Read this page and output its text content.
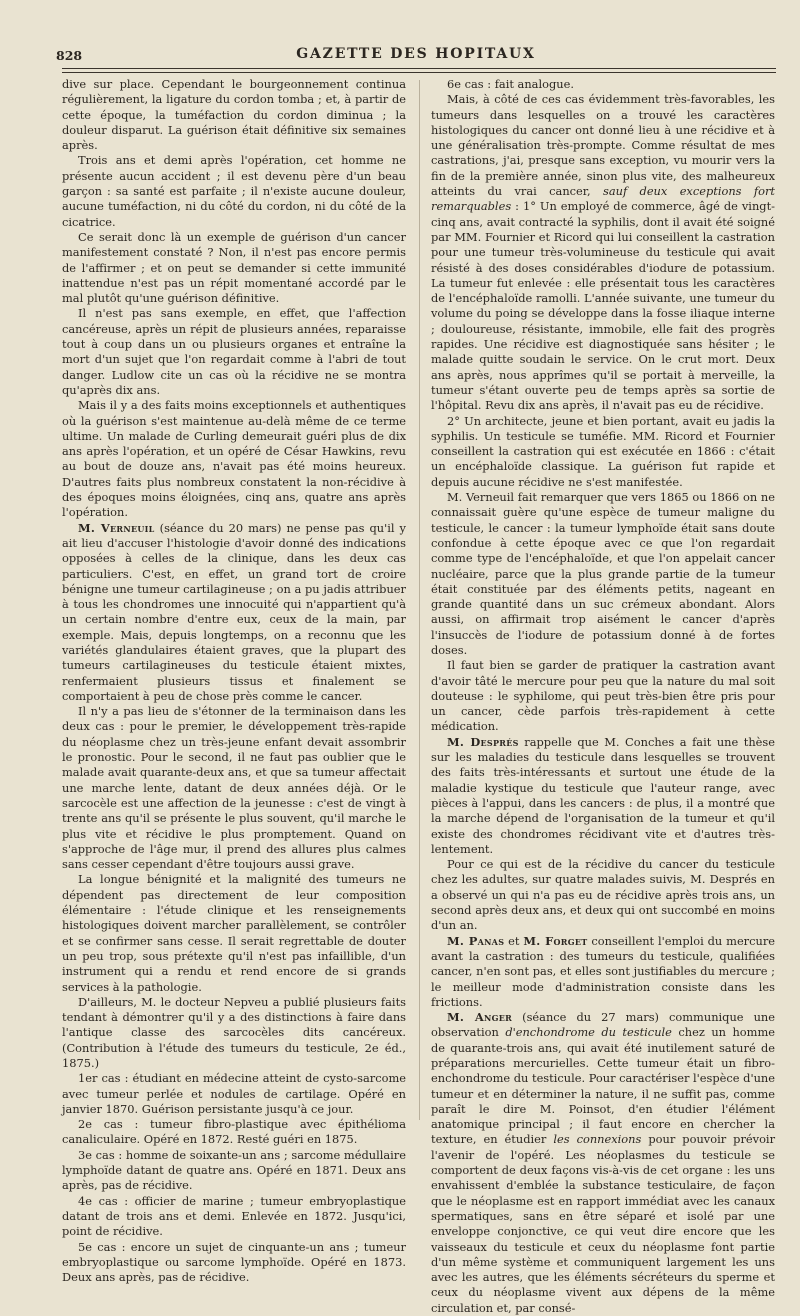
828	GAZETTE DES HOPITAUX

dive sur place. Cependant le bourgeonnement continua régulièrement, la ligature du cordon tomba ; et, à partir de cette époque, la tuméfaction du cordon diminua ; la douleur disparut. La guérison était définitive six semaines après.

Trois ans et demi après l'opération, cet homme ne présente aucun accident ; il est devenu père d'un beau garçon : sa santé est parfaite ; il n'existe aucune douleur, aucune tuméfaction, ni du côté du cordon, ni du côté de la cicatrice.

Ce serait donc là un exemple de guérison d'un cancer manifestement constaté ? Non, il n'est pas encore permis de l'affirmer ; et on peut se demander si cette immunité inattendue n'est pas un répit momentané accordé par le mal plutôt qu'une guérison définitive.

Il n'est pas sans exemple, en effet, que l'affection cancéreuse, après un répit de plusieurs années, reparaisse tout à coup dans un ou plusieurs organes et entraîne la mort d'un sujet que l'on regardait comme à l'abri de tout danger. Ludlow cite un cas où la récidive ne se montra qu'après dix ans.

Mais il y a des faits moins exceptionnels et authentiques où la guérison s'est maintenue au-delà même de ce terme ultime. Un malade de Curling demeurait guéri plus de dix ans après l'opération, et un opéré de César Hawkins, revu au bout de douze ans, n'avait pas été moins heureux. D'autres faits plus nombreux constatent la non-récidive à des époques moins éloignées, cinq ans, quatre ans après l'opération.

M. Verneuil (séance du 20 mars) ne pense pas qu'il y ait lieu d'accuser l'histologie d'avoir donné des indications opposées à celles de la clinique, dans les deux cas particuliers. C'est, en effet, un grand tort de croire bénigne une tumeur cartilagineuse ; on a pu jadis attribuer à tous les chondromes une innocuité qui n'appartient qu'à un certain nombre d'entre eux, ceux de la main, par exemple. Mais, depuis longtemps, on a reconnu que les variétés glandulaires étaient graves, que la plupart des tumeurs cartilagineuses du testicule étaient mixtes, renfermaient plusieurs tissus et finalement se comportaient à peu de chose près comme le cancer.

Il n'y a pas lieu de s'étonner de la terminaison dans les deux cas : pour le premier, le développement très-rapide du néoplasme chez un très-jeune enfant devait assombrir le pronostic. Pour le second, il ne faut pas oublier que le malade avait quarante-deux ans, et que sa tumeur affectait une marche lente, datant de deux années déjà. Or le sarcocèle est une affection de la jeunesse : c'est de vingt à trente ans qu'il se présente le plus souvent, qu'il marche le plus vite et récidive le plus promptement. Quand on s'approche de l'âge mur, il prend des allures plus calmes sans cesser cependant d'être toujours aussi grave.

La longue bénignité et la malignité des tumeurs ne dépendent pas directement de leur composition élémentaire : l'étude clinique et les renseignements histologiques doivent marcher parallèlement, se contrôler et se confirmer sans cesse. Il serait regrettable de douter un peu trop, sous prétexte qu'il n'est pas infaillible, d'un instrument qui a rendu et rend encore de si grands services à la pathologie.

D'ailleurs, M. le docteur Nepveu a publié plusieurs faits tendant à démontrer qu'il y a des distinctions à faire dans l'antique classe des sarcocèles dits cancéreux. (Contribution à l'étude des tumeurs du testicule, 2e éd., 1875.)

1er cas : étudiant en médecine atteint de cysto-sarcome avec tumeur perlée et nodules de cartilage. Opéré en janvier 1870. Guérison persistante jusqu'à ce jour.

2e cas : tumeur fibro-plastique avec épithélioma canaliculaire. Opéré en 1872. Resté guéri en 1875.

3e cas : homme de soixante-un ans ; sarcome médullaire lymphoïde datant de quatre ans. Opéré en 1871. Deux ans après, pas de récidive.

4e cas : officier de marine ; tumeur embryoplastique datant de trois ans et demi. Enlevée en 1872. Jusqu'ici, point de récidive.

5e cas : encore un sujet de cinquante-un ans ; tumeur embryoplastique ou sarcome lymphoïde. Opéré en 1873. Deux ans après, pas de récidive.

6e cas : fait analogue.

Mais, à côté de ces cas évidemment très-favorables, les tumeurs dans lesquelles on a trouvé les caractères histologiques du cancer ont donné lieu à une récidive et à une généralisation très-prompte. Comme résultat de mes castrations, j'ai, presque sans exception, vu mourir vers la fin de la première année, sinon plus vite, des malheureux atteints du vrai cancer, sauf deux exceptions fort remarquables : 1° Un employé de commerce, âgé de vingt-cinq ans, avait contracté la syphilis, dont il avait été soigné par MM. Fournier et Ricord qui lui conseillent la castration pour une tumeur très-volumineuse du testicule qui avait résisté à des doses considérables d'iodure de potassium. La tumeur fut enlevée : elle présentait tous les caractères de l'encéphaloïde ramolli. L'année suivante, une tumeur du volume du poing se développe dans la fosse iliaque interne ; douloureuse, résistante, immobile, elle fait des progrès rapides. Une récidive est diagnostiquée sans hésiter ; le malade quitte soudain le service. On le crut mort. Deux ans après, nous apprîmes qu'il se portait à merveille, la tumeur s'étant ouverte peu de temps après sa sortie de l'hôpital. Revu dix ans après, il n'avait pas eu de récidive.

2° Un architecte, jeune et bien portant, avait eu jadis la syphilis. Un testicule se tuméfie. MM. Ricord et Fournier conseillent la castration qui est exécutée en 1866 : c'était un encéphaloïde classique. La guérison fut rapide et depuis aucune récidive ne s'est manifestée.

M. Verneuil fait remarquer que vers 1865 ou 1866 on ne connaissait guère qu'une espèce de tumeur maligne du testicule, le cancer : la tumeur lymphoïde était sans doute confondue à cette époque avec ce que l'on regardait comme type de l'encéphaloïde, et que l'on appelait cancer nucléaire, parce que la plus grande partie de la tumeur était constituée par des éléments petits, nageant en grande quantité dans un suc crémeux abondant. Alors aussi, on affirmait trop aisément le cancer d'après l'insuccès de l'iodure de potassium donné à de fortes doses.

Il faut bien se garder de pratiquer la castration avant d'avoir tâté le mercure pour peu que la nature du mal soit douteuse : le syphilome, qui peut très-bien être pris pour un cancer, cède parfois très-rapidement à cette médication.

M. Després rappelle que M. Conches a fait une thèse sur les maladies du testicule dans lesquelles se trouvent des faits très-intéressants et surtout une étude de la maladie kystique du testicule que l'auteur range, avec pièces à l'appui, dans les cancers : de plus, il a montré que la marche dépend de l'organisation de la tumeur et qu'il existe des chondromes récidivant vite et d'autres très-lentement.

Pour ce qui est de la récidive du cancer du testicule chez les adultes, sur quatre malades suivis, M. Després en a observé un qui n'a pas eu de récidive après trois ans, un second après deux ans, et deux qui ont succombé en moins d'un an.

M. Panas et M. Forget conseillent l'emploi du mercure avant la castration : des tumeurs du testicule, qualifiées cancer, n'en sont pas, et elles sont justifiables du mercure ; le meilleur mode d'administration consiste dans les frictions.

M. Anger (séance du 27 mars) communique une observation d'enchondrome du testicule chez un homme de quarante-trois ans, qui avait été inutilement saturé de préparations mercurielles. Cette tumeur était un fibro-enchondrome du testicule. Pour caractériser l'espèce d'une tumeur et en déterminer la nature, il ne suffit pas, comme paraît le dire M. Poinsot, d'en étudier l'élément anatomique principal ; il faut encore en chercher la texture, en étudier les connexions pour pouvoir prévoir l'avenir de l'opéré. Les néoplasmes du testicule se comportent de deux façons vis-à-vis de cet organe : les uns envahissent d'emblée la substance testiculaire, de façon que le néoplasme est en rapport immédiat avec les canaux spermatiques, sans en être séparé et isolé par une enveloppe conjonctive, ce qui veut dire encore que les vaisseaux du testicule et ceux du néoplasme font partie d'un même système et communiquent largement les uns avec les autres, que les éléments sécréteurs du sperme et ceux du néoplasme vivent aux dépens de la même circulation et, par consé-
